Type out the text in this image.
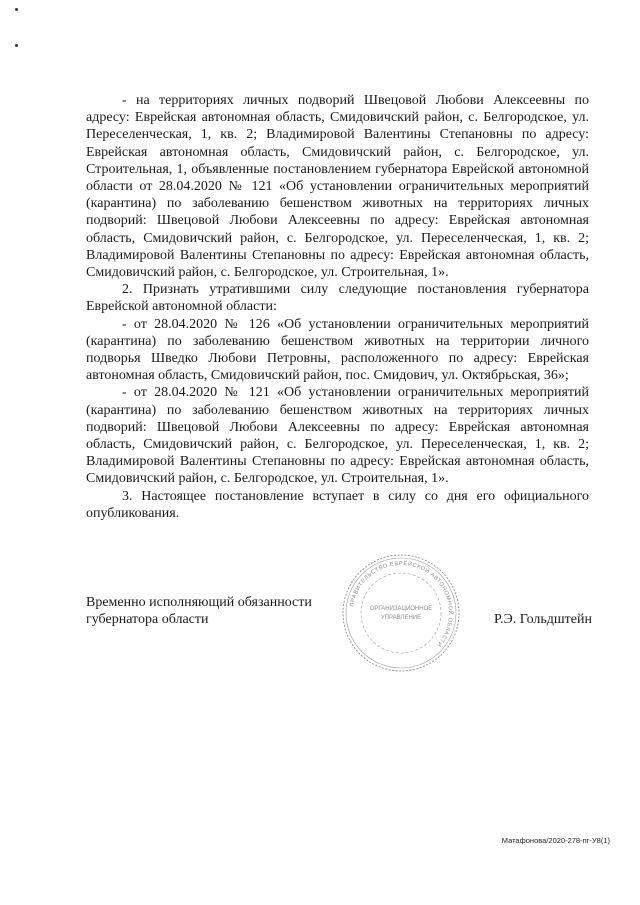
- на территориях личных подворий Швецовой Любови Алексеевны по адресу: Еврейская автономная область, Смидовичский район, с. Белгородское, ул. Переселенческая, 1, кв. 2; Владимировой Валентины Степановны по адресу: Еврейская автономная область, Смидовичский район, с. Белгородское, ул. Строительная, 1, объявленные постановлением губернатора Еврейской автономной области от 28.04.2020 № 121 «Об установлении ограничительных мероприятий (карантина) по заболеванию бешенством животных на территориях личных подворий: Швецовой Любови Алексеевны по адресу: Еврейская автономная область, Смидовичский район, с. Белгородское, ул. Переселенческая, 1, кв. 2; Владимировой Валентины Степановны по адресу: Еврейская автономная область, Смидовичский район, с. Белгородское, ул. Строительная, 1».

2. Признать утратившими силу следующие постановления губернатора Еврейской автономной области:

- от 28.04.2020 № 126 «Об установлении ограничительных мероприятий (карантина) по заболеванию бешенством животных на территории личного подворья Шведко Любови Петровны, расположенного по адресу: Еврейская автономная область, Смидовичский район, пос. Смидович, ул. Октябрьская, 36»;

- от 28.04.2020 № 121 «Об установлении ограничительных мероприятий (карантина) по заболеванию бешенством животных на территориях личных подворий: Швецовой Любови Алексеевны по адресу: Еврейская автономная область, Смидовичский район, с. Белгородское, ул. Переселенческая, 1, кв. 2; Владимировой Валентины Степановны по адресу: Еврейская автономная область, Смидовичский район, с. Белгородское, ул. Строительная, 1».

3. Настоящее постановление вступает в силу со дня его официального опубликования.

ПРАВИТЕЛЬСТВО ЕВРЕЙСКОЙ АВТОНОМНОЙ ОБЛАСТИ
ОРГАНИЗАЦИОННОЕ
УПРАВЛЕНИЕ
Временно исполняющий обязанности
губернатора области	Р.Э. Гольдштейн
Матафонова/2020-278-пг-У8(1)
